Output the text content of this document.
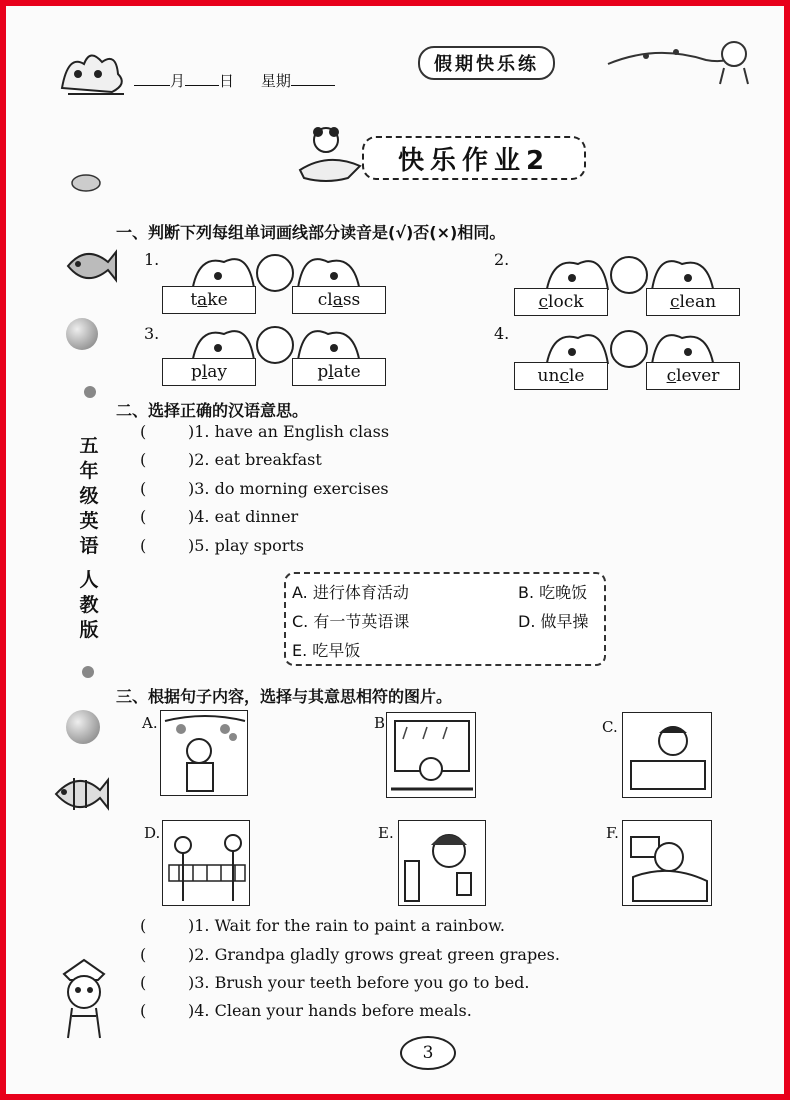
月 日 星期
假期快乐练
快乐作业2
五
年
级
英
语
人
教
版
一、判断下列每组单词画线部分读音是(√)否(×)相同。
1.
t a ke	cl a ss
2.
c lock	c lean
3.
p l ay	p l ate
4.
un c le	c lever
二、选择正确的汉语意思。
(	)1. have an English class
(	)2. eat breakfast
(	)3. do morning exercises
(	)4. eat dinner
(	)5. play sports
A. 进行体育活动	B. 吃晚饭
C. 有一节英语课	D. 做早操
E. 吃早饭
三、根据句子内容，选择与其意思相符的图片。
A.	B.	C.
D.	E.	F.
(	)1. Wait for the rain to paint a rainbow.
(	)2. Grandpa gladly grows great green grapes.
(	)3. Brush your teeth before you go to bed.
(	)4. Clean your hands before meals.
3
